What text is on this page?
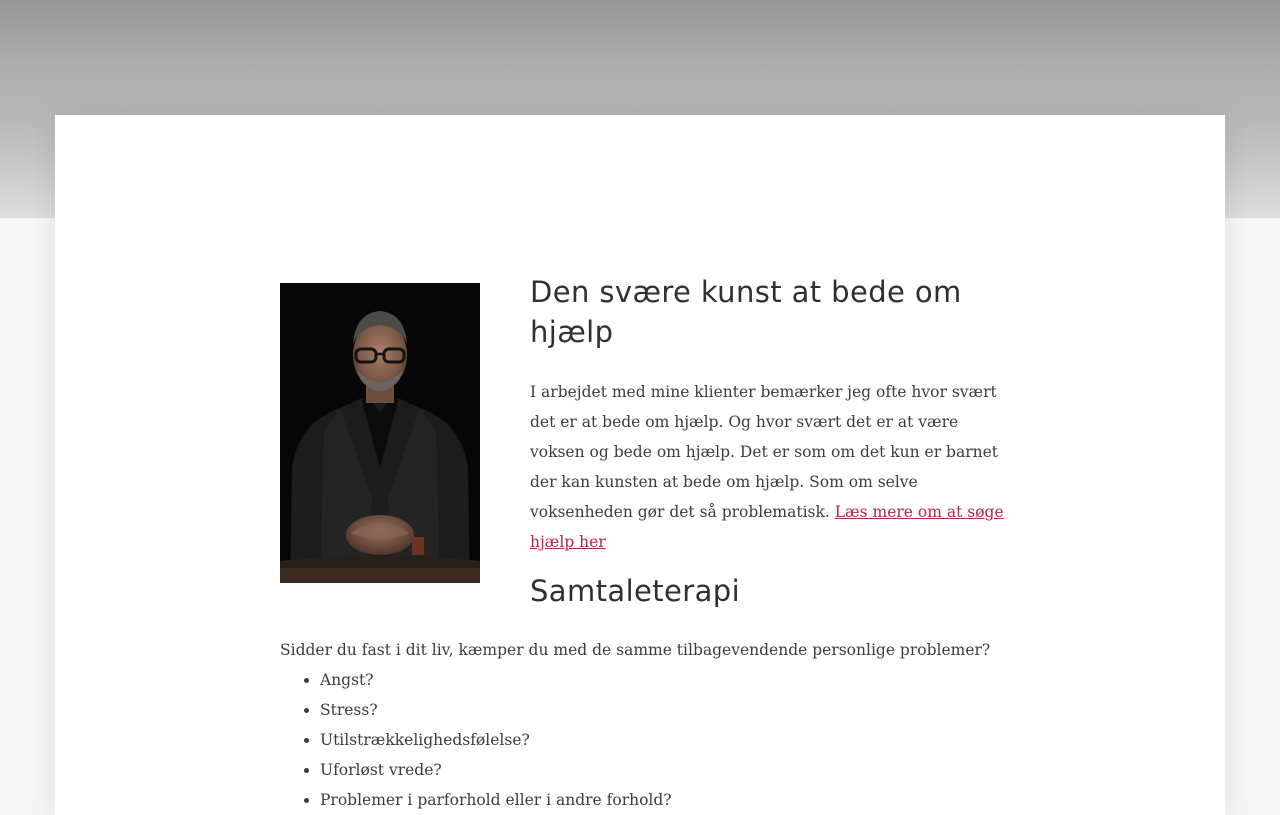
Den svære kunst at bede om hjælp

I arbejdet med mine klienter bemærker jeg ofte hvor svært det er at bede om hjælp. Og hvor svært det er at være voksen og bede om hjælp. Det er som om det kun er barnet der kan kunsten at bede om hjælp. Som om selve voksenheden gør det så problematisk. Læs mere om at søge hjælp her

Samtaleterapi

Sidder du fast i dit liv, kæmper du med de samme tilbagevendende personlige problemer?

• Angst?
• Stress?
• Utilstrækkelighedsfølelse?
• Uforløst vrede?
• Problemer i parforhold eller i andre forhold?
